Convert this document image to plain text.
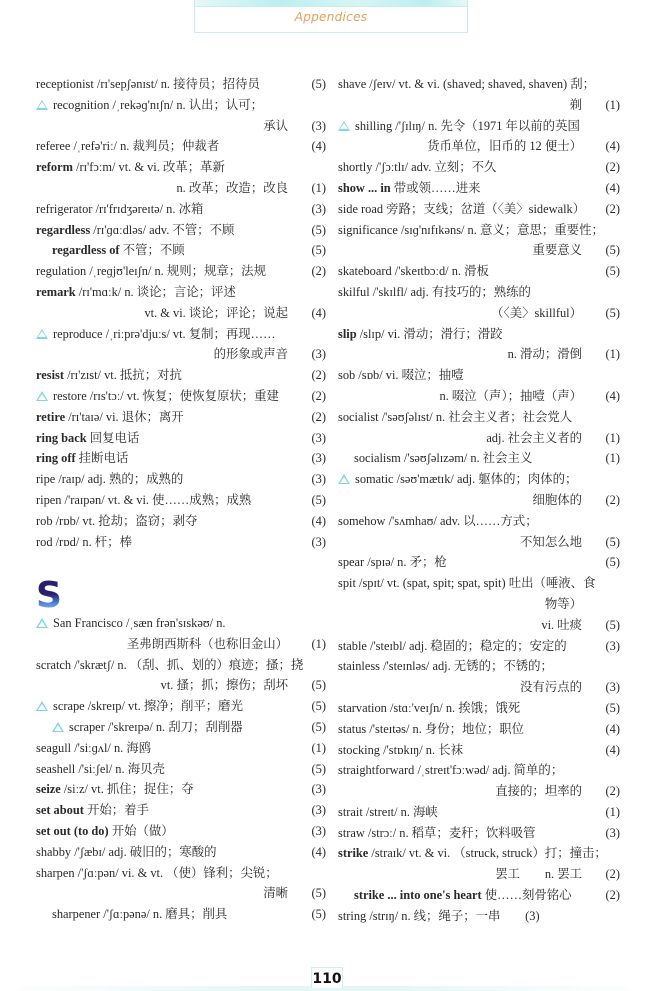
Appendices
receptionist /rɪ'sepʃənɪst/ n. 接待员；招待员	(5)
recognition /ˌrekəɡ'nɪʃn/ n. 认出；认可；
承认 (3)
referee /ˌrefə'riː/ n. 裁判员；仲裁者	(4)
reform /rɪ'fɔːm/ vt. & vi. 改革；革新
n. 改革；改造；改良 (1)
refrigerator /rɪ'frɪdʒəreɪtə/ n. 冰箱	(3)
regardless /rɪ'ɡɑːdləs/ adv. 不管；不顾	(5)
regardless of 不管；不顾	(5)
regulation /ˌreɡjʊ'leɪʃn/ n. 规则；规章；法规	(2)
remark /rɪ'mɑːk/ n. 谈论；言论；评述
vt. & vi. 谈论；评论；说起 (4)
reproduce /ˌriːprə'djuːs/ vt. 复制；再现……
的形象或声音 (3)
resist /rɪ'zɪst/ vt. 抵抗；对抗	(2)
restore /rɪs'tɔː/ vt. 恢复；使恢复原状；重建	(2)
retire /rɪ'taɪə/ vi. 退休；离开	(2)
ring back 回复电话	(3)
ring off 挂断电话	(3)
ripe /raɪp/ adj. 熟的；成熟的	(3)
ripen /'raɪpən/ vt. & vi. 使……成熟；成熟	(5)
rob /rɒb/ vt. 抢劫；盗窃；剥夺	(4)
rod /rɒd/ n. 杆；棒	(3)
S
San Francisco /ˌsæn frən'sɪskəʊ/ n.
圣弗朗西斯科（也称旧金山） (1)
scratch /'skrætʃ/ n. （刮、抓、划的）痕迹；搔；挠
vt. 搔；抓；擦伤；刮坏 (5)
scrape /skreɪp/ vt. 擦净；削平；磨光	(5)
scraper /'skreɪpə/ n. 刮刀；刮削器	(5)
seagull /'siːɡʌl/ n. 海鸥	(1)
seashell /'siːʃel/ n. 海贝壳	(5)
seize /siːz/ vt. 抓住；捉住；夺	(3)
set about 开始；着手	(3)
set out (to do) 开始（做）	(3)
shabby /'ʃæbɪ/ adj. 破旧的；寒酸的	(4)
sharpen /'ʃɑːpən/ vi. & vt. （使）锋利；尖锐；
清晰 (5)
sharpener /'ʃɑːpənə/ n. 磨具；削具	(5)
shave /ʃeɪv/ vt. & vi. (shaved; shaved, shaven) 刮；
剃 (1)
shilling /'ʃɪlɪŋ/ n. 先令（1971 年以前的英国
货币单位，旧币的 12 便士） (4)
shortly /'ʃɔːtlɪ/ adv. 立刻；不久	(2)
show ... in 带或领……进来	(4)
side road 旁路；支线；岔道（〈美〉sidewalk） (2)
significance /sɪɡ'nɪfɪkəns/ n. 意义；意思；重要性；
重要意义 (5)
skateboard /'skeɪtbɔːd/ n. 滑板	(5)
skilful /'skɪlfl/ adj. 有技巧的；熟练的
（〈美〉skillful） (5)
slip /slɪp/ vi. 滑动；滑行；滑跤
n. 滑动；滑倒 (1)
sob /sɒb/ vi. 啜泣；抽噎
n. 啜泣（声）；抽噎（声） (4)
socialist /'səʊʃəlɪst/ n. 社会主义者；社会党人
adj. 社会主义者的 (1)
socialism /'səʊʃəlɪzəm/ n. 社会主义	(1)
somatic /səʊ'mætɪk/ adj. 躯体的；肉体的；
细胞体的 (2)
somehow /'sʌmhaʊ/ adv. 以……方式；
不知怎么地 (5)
spear /spɪə/ n. 矛；枪	(5)
spit /spɪt/ vt. (spat, spit; spat, spit) 吐出（唾液、食
物等）
vi. 吐痰 (5)
stable /'steɪbl/ adj. 稳固的；稳定的；安定的	(3)
stainless /'steɪnləs/ adj. 无锈的；不锈的；
没有污点的 (3)
starvation /stɑː'veɪʃn/ n. 挨饿；饿死	(5)
status /'steɪtəs/ n. 身份；地位；职位	(4)
stocking /'stɒkɪŋ/ n. 长袜	(4)
straightforward /ˌstreɪt'fɔːwəd/ adj. 简单的；
直接的；坦率的 (2)
strait /streɪt/ n. 海峡	(1)
straw /strɔː/ n. 稻草；麦秆；饮料吸管	(3)
strike /straɪk/ vt. & vi. （struck, struck）打；撞击；
罢工　　n. 罢工 (2)
strike ... into one's heart 使……刻骨铭心	(2)
string /strɪŋ/ n. 线；绳子；一串　　(3)
110
